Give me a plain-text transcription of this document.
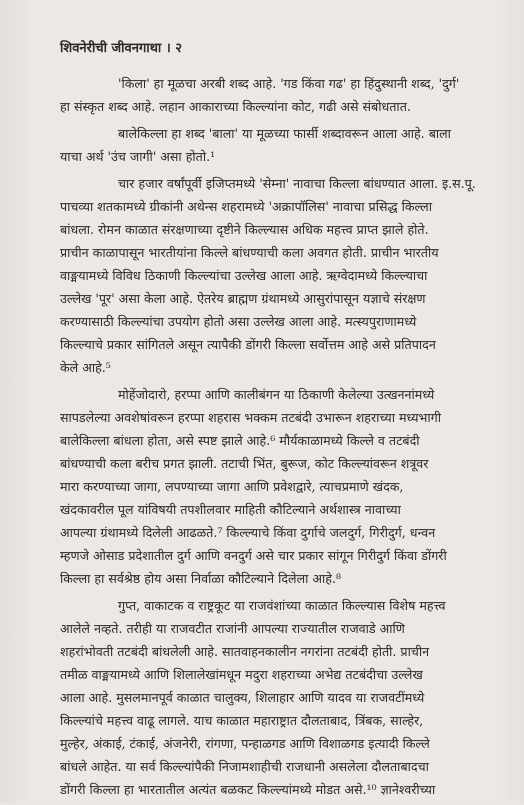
शिवनेरीची जीवनगाथा । २

'किला' हा मूळचा अरबी शब्द आहे. 'गड किंवा गढ' हा हिंदुस्थानी शब्द, 'दुर्ग'
हा संस्कृत शब्द आहे. लहान आकाराच्या किल्ल्यांना कोट, गढी असे संबोधतात.

बालेकिल्ला हा शब्द 'बाला' या मूळच्या फार्सी शब्दावरून आला आहे. बाला
याचा अर्थ 'उंच जागी' असा होतो.¹

चार हजार वर्षांपूर्वी इजिप्तमध्ये 'सेम्ना' नावाचा किल्ला बांधण्यात आला. इ.स.पू.
पाचव्या शतकामध्ये ग्रीकांनी अथेन्स शहरामध्ये 'अक्रापॉलिस' नावाचा प्रसिद्ध किल्ला
बांधला. रोमन काळात संरक्षणाच्या दृष्टीने किल्ल्यास अधिक महत्त्व प्राप्त झाले होते.
प्राचीन काळापासून भारतीयांना किल्ले बांधण्याची कला अवगत होती. प्राचीन भारतीय
वाङ्मयामध्ये विविध ठिकाणी किल्ल्यांचा उल्लेख आला आहे. ऋग्वेदामध्ये किल्ल्याचा
उल्लेख 'पूर' असा केला आहे. ऐतरेय ब्राह्मण ग्रंथामध्ये आसुरांपासून यज्ञाचे संरक्षण
करण्यासाठी किल्ल्यांचा उपयोग होतो असा उल्लेख आला आहे. मत्स्यपुराणामध्ये
किल्ल्याचे प्रकार सांगितले असून त्यापैकी डोंगरी किल्ला सर्वोत्तम आहे असे प्रतिपादन
केले आहे.⁵

मोहेंजोदारो, हरप्पा आणि कालीबंगन या ठिकाणी केलेल्या उत्खननांमध्ये
सापडलेल्या अवशेषांवरून हरप्पा शहरास भक्कम तटबंदी उभारून शहराच्या मध्यभागी
बालेकिल्ला बांधला होता, असे स्पष्ट झाले आहे.⁶ मौर्यकाळामध्ये किल्ले व तटबंदी
बांधण्याची कला बरीच प्रगत झाली. तटाची भिंत, बुरूज, कोट किल्ल्यांवरून शत्रूवर
मारा करण्याच्या जागा, लपण्याच्या जागा आणि प्रवेशद्वारे, त्याचप्रमाणे खंदक,
खंदकावरील पूल यांविषयी तपशीलवार माहिती कौटिल्याने अर्थशास्त्र नावाच्या
आपल्या ग्रंथामध्ये दिलेली आढळते.⁷ किल्ल्याचे किंवा दुर्गाचे जलदुर्ग, गिरीदुर्ग, धन्वन
म्हणजे ओसाड प्रदेशातील दुर्ग आणि वनदुर्ग असे चार प्रकार सांगून गिरीदुर्ग किंवा डोंगरी
किल्ला हा सर्वश्रेष्ठ होय असा निर्वाळा कौटिल्याने दिलेला आहे.⁸

गुप्त, वाकाटक व राष्ट्रकूट या राजवंशांच्या काळात किल्ल्यास विशेष महत्त्व
आलेले नव्हते. तरीही या राजवटीत राजांनी आपल्या राज्यातील राजवाडे आणि
शहरांभोवती तटबंदी बांधलेली आहे. सातवाहनकालीन नगरांना तटबंदी होती. प्राचीन
तमीळ वाङ्मयामध्ये आणि शिलालेखांमधून मदुरा शहराच्या अभेद्य तटबंदीचा उल्लेख
आला आहे. मुसलमानपूर्व काळात चालुक्य, शिलाहार आणि यादव या राजवटींमध्ये
किल्ल्यांचे महत्त्व वाढू लागले. याच काळात महाराष्ट्रात दौलताबाद, त्रिंबक, साल्हेर,
मुल्हेर, अंकाई, टंकाई, अंजनेरी, रांगणा, पन्हाळगड आणि विशाळगड इत्यादी किल्ले
बांधले आहेत. या सर्व किल्ल्यांपैकी निजामशाहीची राजधानी असलेला दौलताबादचा
डोंगरी किल्ला हा भारतातील अत्यंत बळकट किल्ल्यांमध्ये मोडत असे.¹⁰ ज्ञानेश्वरीच्या
